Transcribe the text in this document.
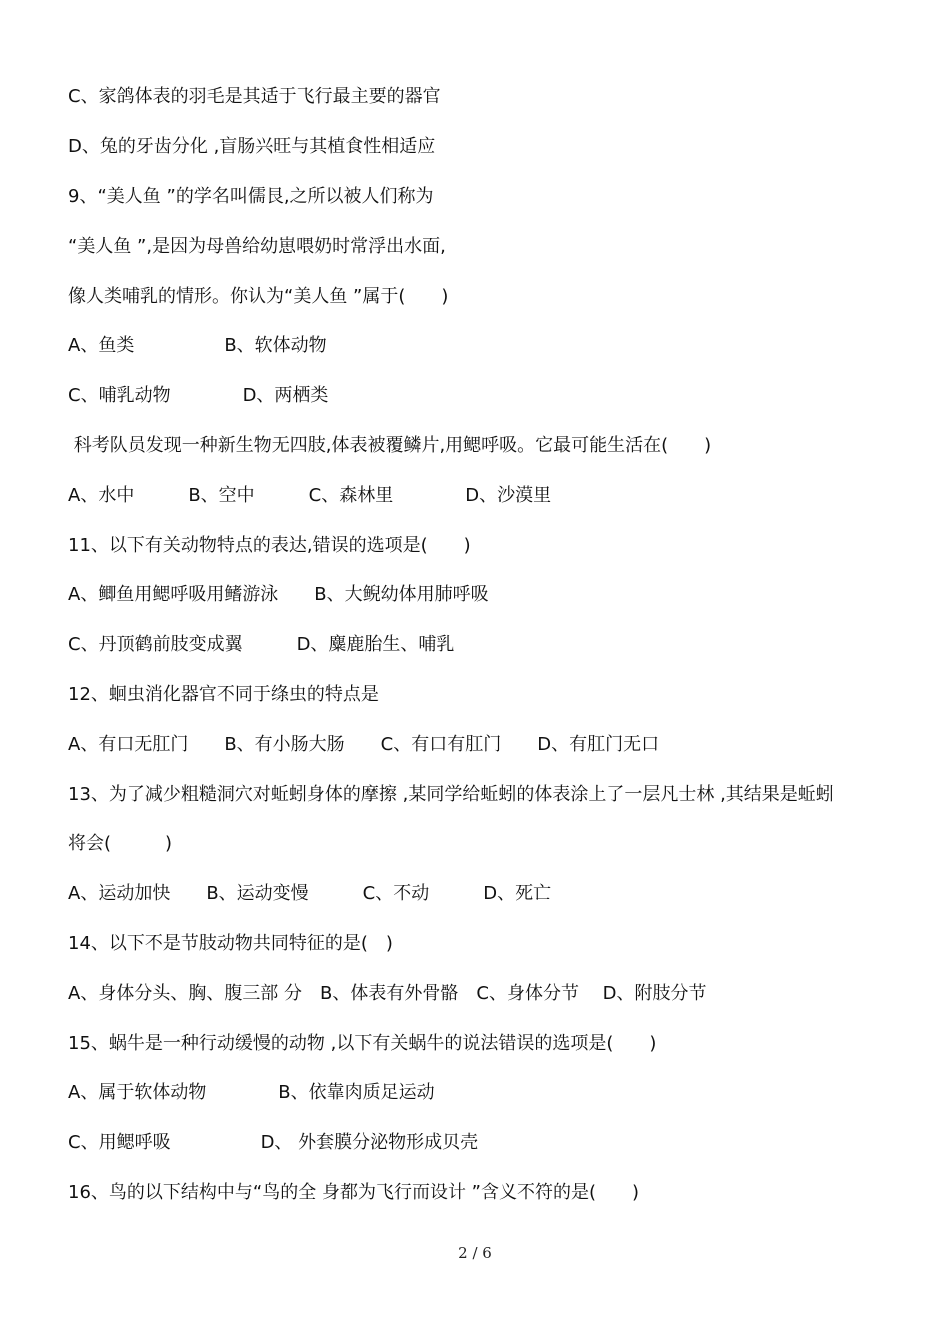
C、家鸽体表的羽毛是其适于飞行最主要的器官
D、兔的牙齿分化 ,盲肠兴旺与其植食性相适应
9、“美人鱼 ”的学名叫儒艮,之所以被人们称为
“美人鱼 ”,是因为母兽给幼崽喂奶时常浮出水面,
像人类哺乳的情形。你认为“美人鱼 ”属于(　　)
A、鱼类　　　　　B、软体动物
C、哺乳动物　　　　D、两栖类
科考队员发现一种新生物无四肢,体表被覆鳞片,用鳃呼吸。它最可能生活在(　　)
A、水中　　　B、空中　　　C、森林里　　　　D、沙漠里
11、以下有关动物特点的表达,错误的选项是(　　)
A、鲫鱼用鳃呼吸用鳍游泳　　B、大鲵幼体用肺呼吸
C、丹顶鹤前肢变成翼　　　D、麋鹿胎生、哺乳
12、蛔虫消化器官不同于绦虫的特点是
A、有口无肛门　　B、有小肠大肠　　C、有口有肛门　　D、有肛门无口
13、为了减少粗糙洞穴对蚯蚓身体的摩擦 ,某同学给蚯蚓的体表涂上了一层凡士林 ,其结果是蚯蚓
将会(　　　)
A、运动加快　　B、运动变慢　　　C、不动　　　D、死亡
14、以下不是节肢动物共同特征的是(　)
A、身体分头、胸、腹三部 分　B、体表有外骨骼　C、身体分节　 D、附肢分节
15、蜗牛是一种行动缓慢的动物 ,以下有关蜗牛的说法错误的选项是(　　)
A、属于软体动物　　　　B、依靠肉质足运动
C、用鳃呼吸　　　　　D、 外套膜分泌物形成贝壳
16、鸟的以下结构中与“鸟的全 身都为飞行而设计 ”含义不符的是(　　)
2 / 6
